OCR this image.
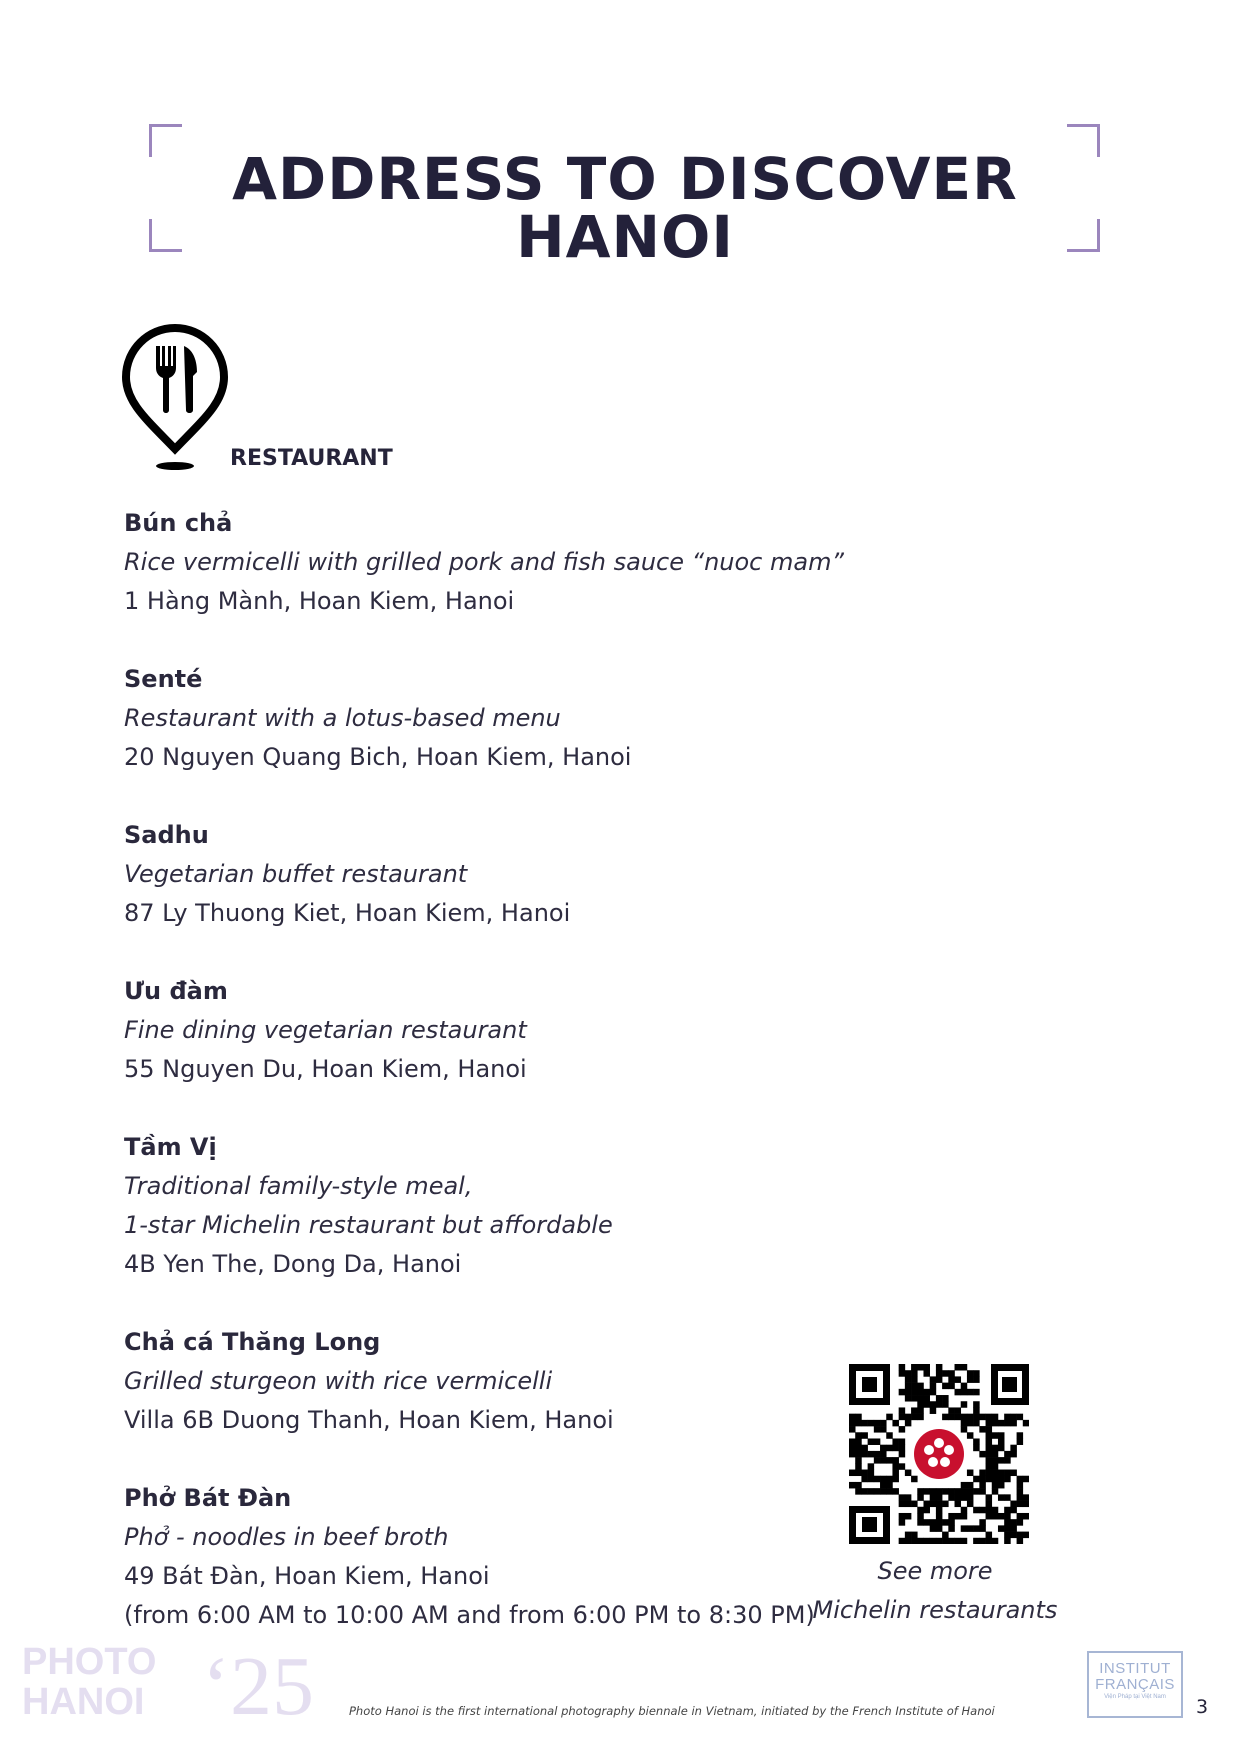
ADDRESS TO DISCOVER HANOI
RESTAURANT
Bún chả
Rice vermicelli with grilled pork and fish sauce “nuoc mam”
1 Hàng Mành, Hoan Kiem, Hanoi
Senté
Restaurant with a lotus-based menu
20 Nguyen Quang Bich, Hoan Kiem, Hanoi
Sadhu
Vegetarian buffet restaurant
87 Ly Thuong Kiet, Hoan Kiem, Hanoi
Ưu đàm
Fine dining vegetarian restaurant
55 Nguyen Du, Hoan Kiem, Hanoi
Tầm Vị
Traditional family-style meal,
1-star Michelin restaurant but affordable
4B Yen The, Dong Da, Hanoi
Chả cá Thăng Long
Grilled sturgeon with rice vermicelli
Villa 6B Duong Thanh, Hoan Kiem, Hanoi
Phở Bát Đàn
Phở - noodles in beef broth
49 Bát Đàn, Hoan Kiem, Hanoi
(from 6:00 AM to 10:00 AM and from 6:00 PM to 8:30 PM)
See more
Michelin restaurants
PHOTO
HANOI ‘25	Photo Hanoi is the first international photography biennale in Vietnam, initiated by the French Institute of Hanoi
INSTITUT
FRANÇAIS
Viện Pháp tại Việt Nam	3
